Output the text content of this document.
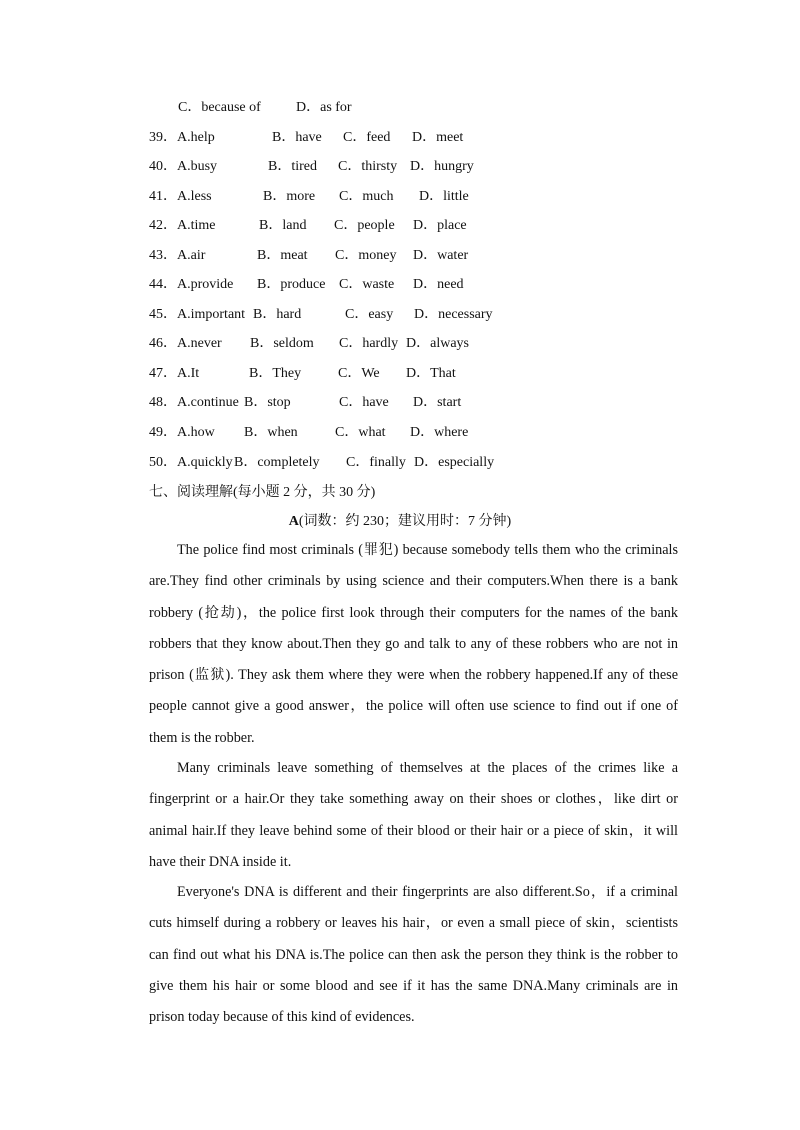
C．because of	D．as for
39．A.help	B．have C．feed D．meet
40．A.busy	B．tired C．thirsty D．hungry
41．A.less	B．more C．much D．little
42．A.time	B．land C．people D．place
43．A.air	B．meat C．money D．water
44．A.provide B．produce C．waste D．need
45．A.important B．hard	C．easy D．necessary
46．A.never B．seldom C．hardly D．always
47．A.It	B．They	C．We D．That
48．A.continue B．stop	C．have D．start
49．A.how B．when	C．what D．where
50．A.quickly B．completely C．finally D．especially
七、阅读理解(每小题 2 分，共 30 分)
A(词数：约 230；建议用时：7 分钟)

The police find most criminals (罪犯) because somebody tells them who the criminals are.They find other criminals by using science and their computers.When there is a bank robbery (抢劫)，the police first look through their computers for the names of the bank robbers that they know about.Then they go and talk to any of these robbers who are not in prison (监狱). They ask them where they were when the robbery happened.If any of these people cannot give a good answer，the police will often use science to find out if one of them is the robber.

Many criminals leave something of themselves at the places of the crimes like a fingerprint or a hair.Or they take something away on their shoes or clothes，like dirt or animal hair.If they leave behind some of their blood or their hair or a piece of skin，it will have their DNA inside it.

Everyone's DNA is different and their fingerprints are also different.So，if a criminal cuts himself during a robbery or leaves his hair，or even a small piece of skin，scientists can find out what his DNA is.The police can then ask the person they think is the robber to give them his hair or some blood and see if it has the same DNA.Many criminals are in prison today because of this kind of evidences.
